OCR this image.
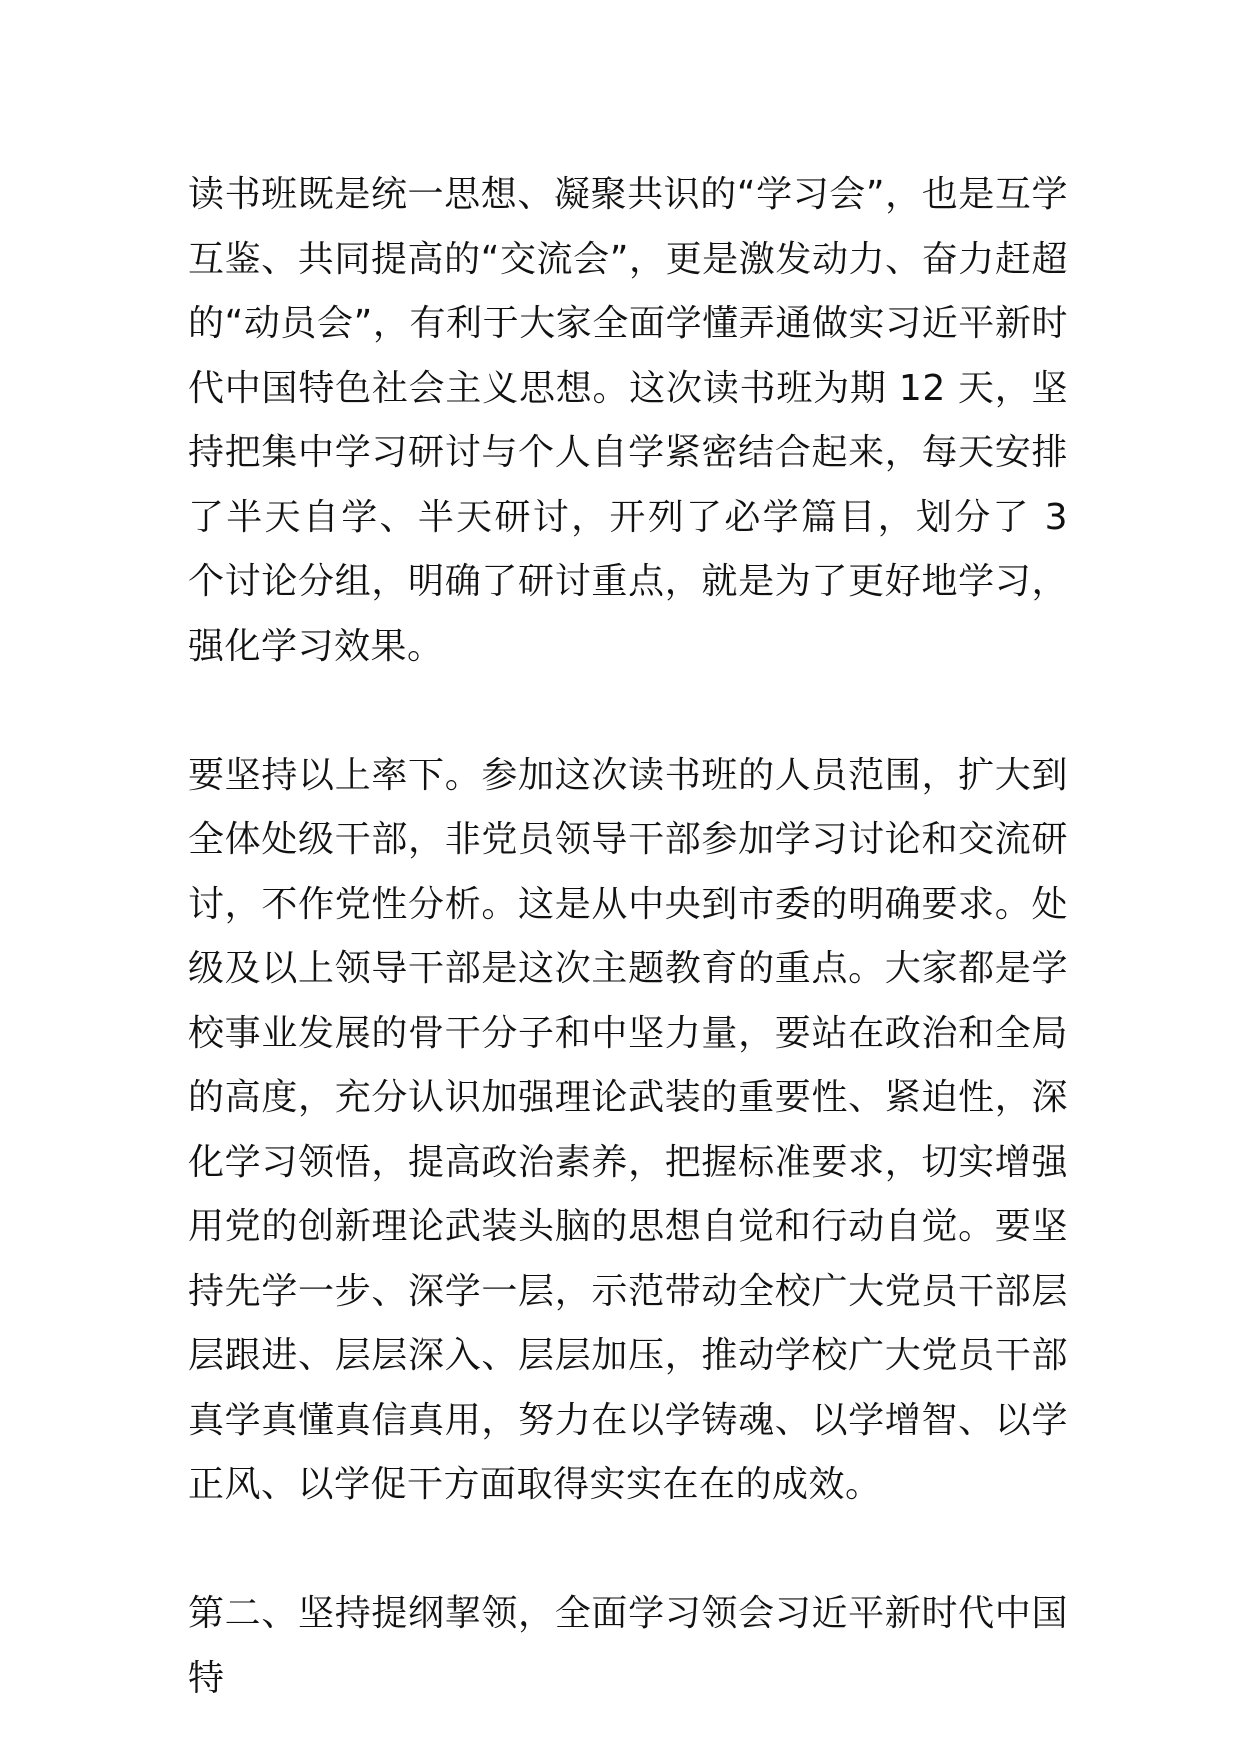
读书班既是统一思想、凝聚共识的“学习会”，也是互学互鉴、共同提高的“交流会”，更是激发动力、奋力赶超的“动员会”，有利于大家全面学懂弄通做实习近平新时代中国特色社会主义思想。这次读书班为期 12 天，坚持把集中学习研讨与个人自学紧密结合起来，每天安排了半天自学、半天研讨，开列了必学篇目，划分了 3 个讨论分组，明确了研讨重点，就是为了更好地学习，强化学习效果。

要坚持以上率下。参加这次读书班的人员范围，扩大到全体处级干部，非党员领导干部参加学习讨论和交流研讨，不作党性分析。这是从中央到市委的明确要求。处级及以上领导干部是这次主题教育的重点。大家都是学校事业发展的骨干分子和中坚力量，要站在政治和全局的高度，充分认识加强理论武装的重要性、紧迫性，深化学习领悟，提高政治素养，把握标准要求，切实增强用党的创新理论武装头脑的思想自觉和行动自觉。要坚持先学一步、深学一层，示范带动全校广大党员干部层层跟进、层层深入、层层加压，推动学校广大党员干部真学真懂真信真用，努力在以学铸魂、以学增智、以学正风、以学促干方面取得实实在在的成效。

第二、坚持提纲挈领，全面学习领会习近平新时代中国特
